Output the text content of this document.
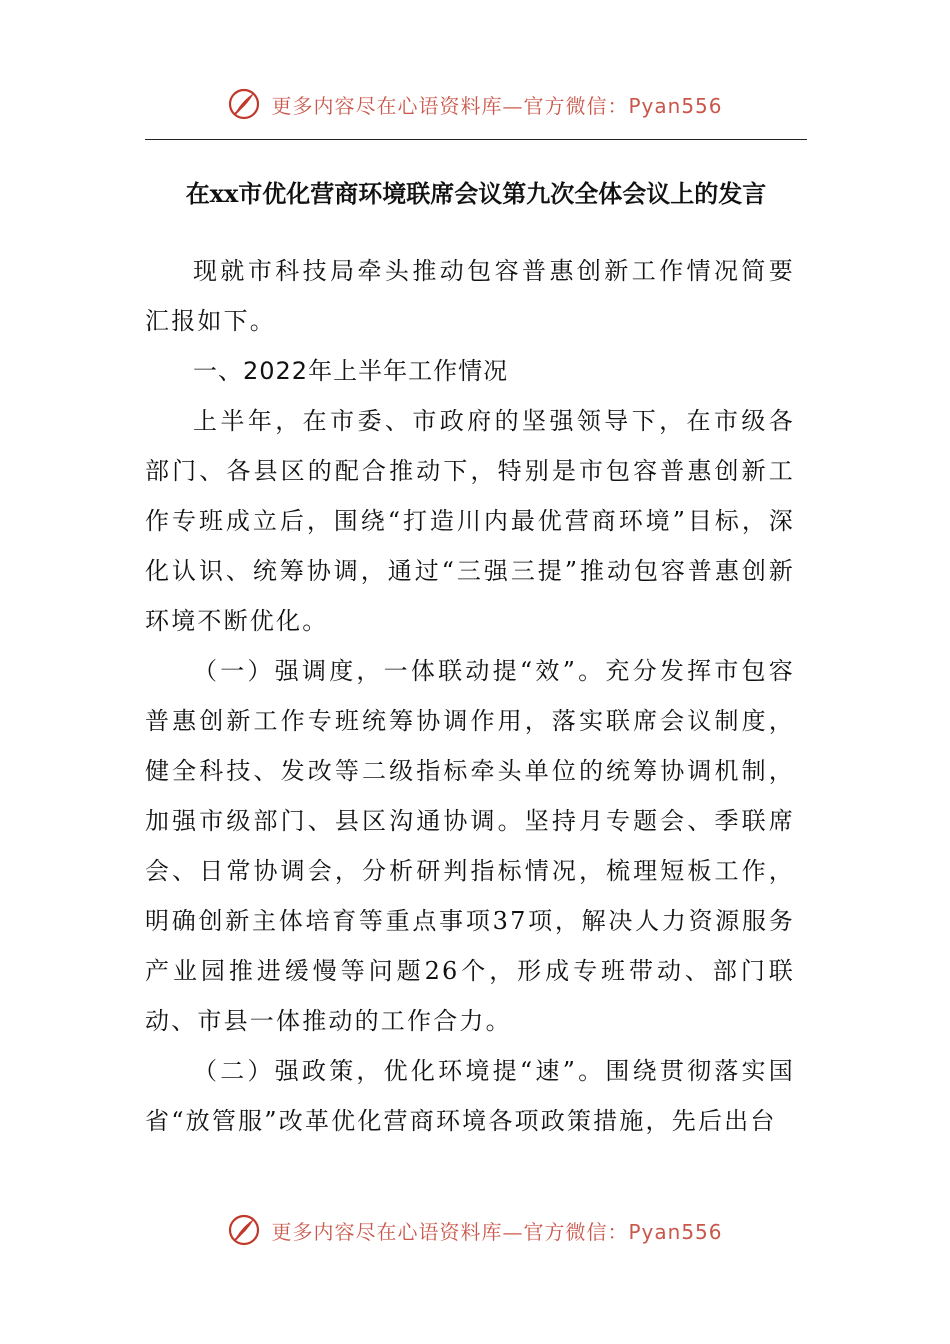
更多内容尽在心语资料库—官方微信：Pyan556
在xx市优化营商环境联席会议第九次全体会议上的发言

现就市科技局牵头推动包容普惠创新工作情况简要汇报如下。

一、2022年上半年工作情况

上半年，在市委、市政府的坚强领导下，在市级各部门、各县区的配合推动下，特别是市包容普惠创新工作专班成立后，围绕“打造川内最优营商环境”目标，深化认识、统筹协调，通过“三强三提”推动包容普惠创新环境不断优化。

（一）强调度，一体联动提“效”。充分发挥市包容普惠创新工作专班统筹协调作用，落实联席会议制度，健全科技、发改等二级指标牵头单位的统筹协调机制，加强市级部门、县区沟通协调。坚持月专题会、季联席会、日常协调会，分析研判指标情况，梳理短板工作，明确创新主体培育等重点事项37项，解决人力资源服务产业园推进缓慢等问题26个，形成专班带动、部门联动、市县一体推动的工作合力。

（二）强政策，优化环境提“速”。围绕贯彻落实国省“放管服”改革优化营商环境各项政策措施，先后出台

更多内容尽在心语资料库—官方微信：Pyan556
